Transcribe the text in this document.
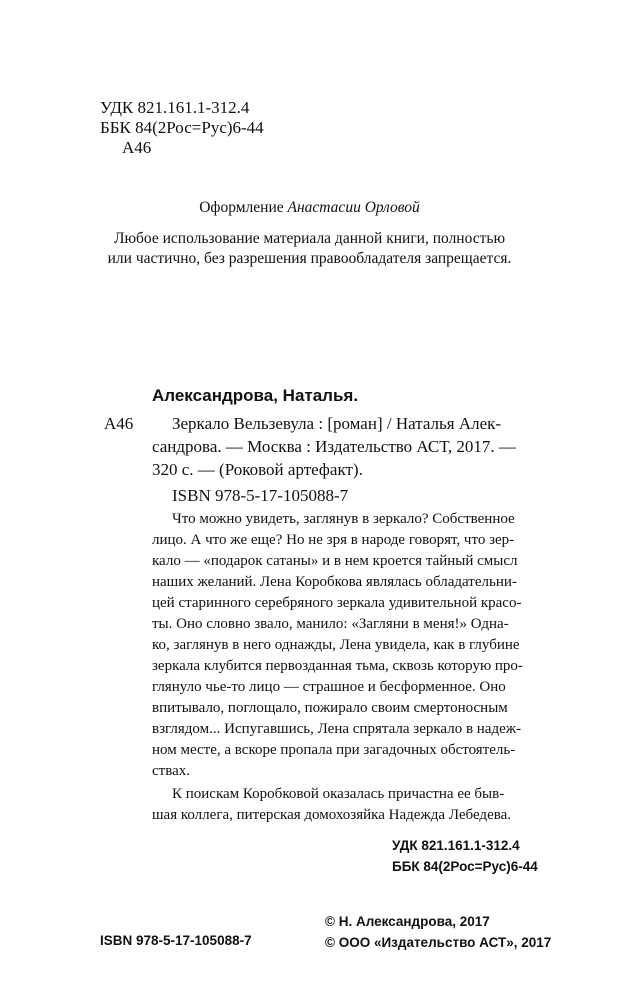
УДК 821.161.1-312.4
ББК 84(2Рос=Рус)6-44
А46
Оформление Анастасии Орловой
Любое использование материала данной книги, полностью
или частично, без разрешения правообладателя запрещается.
Александрова, Наталья.
А46 Зеркало Вельзевула : [роман] / Наталья Алек-
сандрова. — Москва : Издательство АСТ, 2017. —
320 с. — (Роковой артефакт).
ISBN 978-5-17-105088-7
Что можно увидеть, заглянув в зеркало? Собственное
лицо. А что же еще? Но не зря в народе говорят, что зер-
кало — «подарок сатаны» и в нем кроется тайный смысл
наших желаний. Лена Коробкова являлась обладательни-
цей старинного серебряного зеркала удивительной красо-
ты. Оно словно звало, манило: «Загляни в меня!» Одна-
ко, заглянув в него однажды, Лена увидела, как в глубине
зеркала клубится первозданная тьма, сквозь которую про-
глянуло чье-то лицо — страшное и бесформенное. Оно
впитывало, поглощало, пожирало своим смертоносным
взглядом... Испугавшись, Лена спрятала зеркало в надеж-
ном месте, а вскоре пропала при загадочных обстоятель-
ствах.
К поискам Коробковой оказалась причастна ее быв-
шая коллега, питерская домохозяйка Надежда Лебедева.
УДК 821.161.1-312.4
ББК 84(2Рос=Рус)6-44
ISBN 978-5-17-105088-7
© Н. Александрова, 2017
© ООО «Издательство АСТ», 2017
